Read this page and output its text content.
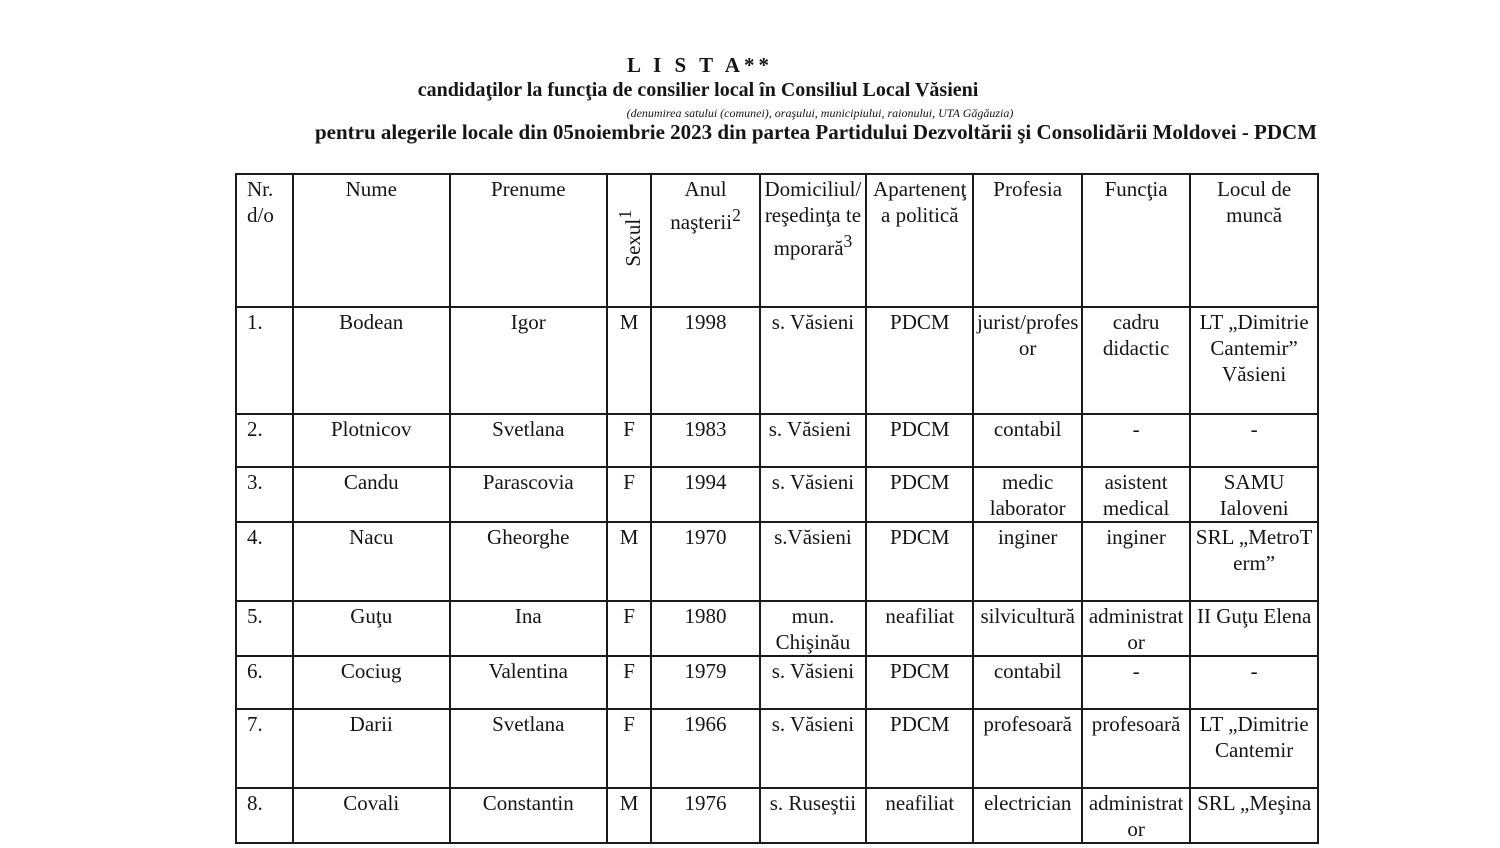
L I S T A**
candidaţilor la funcţia de consilier local în Consiliul Local Văsieni
(denumirea satului (comunei), oraşului, municipiului, raionului, UTA Găgăuzia)
pentru alegerile locale din 05noiembrie 2023 din partea Partidului Dezvoltării şi Consolidării Moldovei - PDCM
Nr. d/o	Nume	Prenume	Sexul$^1$	Anul naşterii$^2$	Domiciliul/reşedinţa temporară$^3$	Apartenenţa politică	Profesia	Funcţia	Locul de muncă
1.	Bodean	Igor	M	1998	s. Văsieni	PDCM	jurist/profesor	cadru didactic	LT „Dimitrie Cantemir” Văsieni
2.	Plotnicov	Svetlana	F	1983	s. Văsieni	PDCM	contabil	-	-
3.	Candu	Parascovia	F	1994	s. Văsieni	PDCM	medic laborator	asistent medical	SAMU Ialoveni
4.	Nacu	Gheorghe	M	1970	s.Văsieni	PDCM	inginer	inginer	SRL „MetroTerm”
5.	Guţu	Ina	F	1980	mun. Chişinău	neafiliat	silvicultură	administrator	II Guţu Elena
6.	Cociug	Valentina	F	1979	s. Văsieni	PDCM	contabil	-	-
7.	Darii	Svetlana	F	1966	s. Văsieni	PDCM	profesoară	profesoară	LT „Dimitrie Cantemir
8.	Covali	Constantin	M	1976	s. Ruseştii	neafiliat	electrician	administrator	SRL „Meşina
